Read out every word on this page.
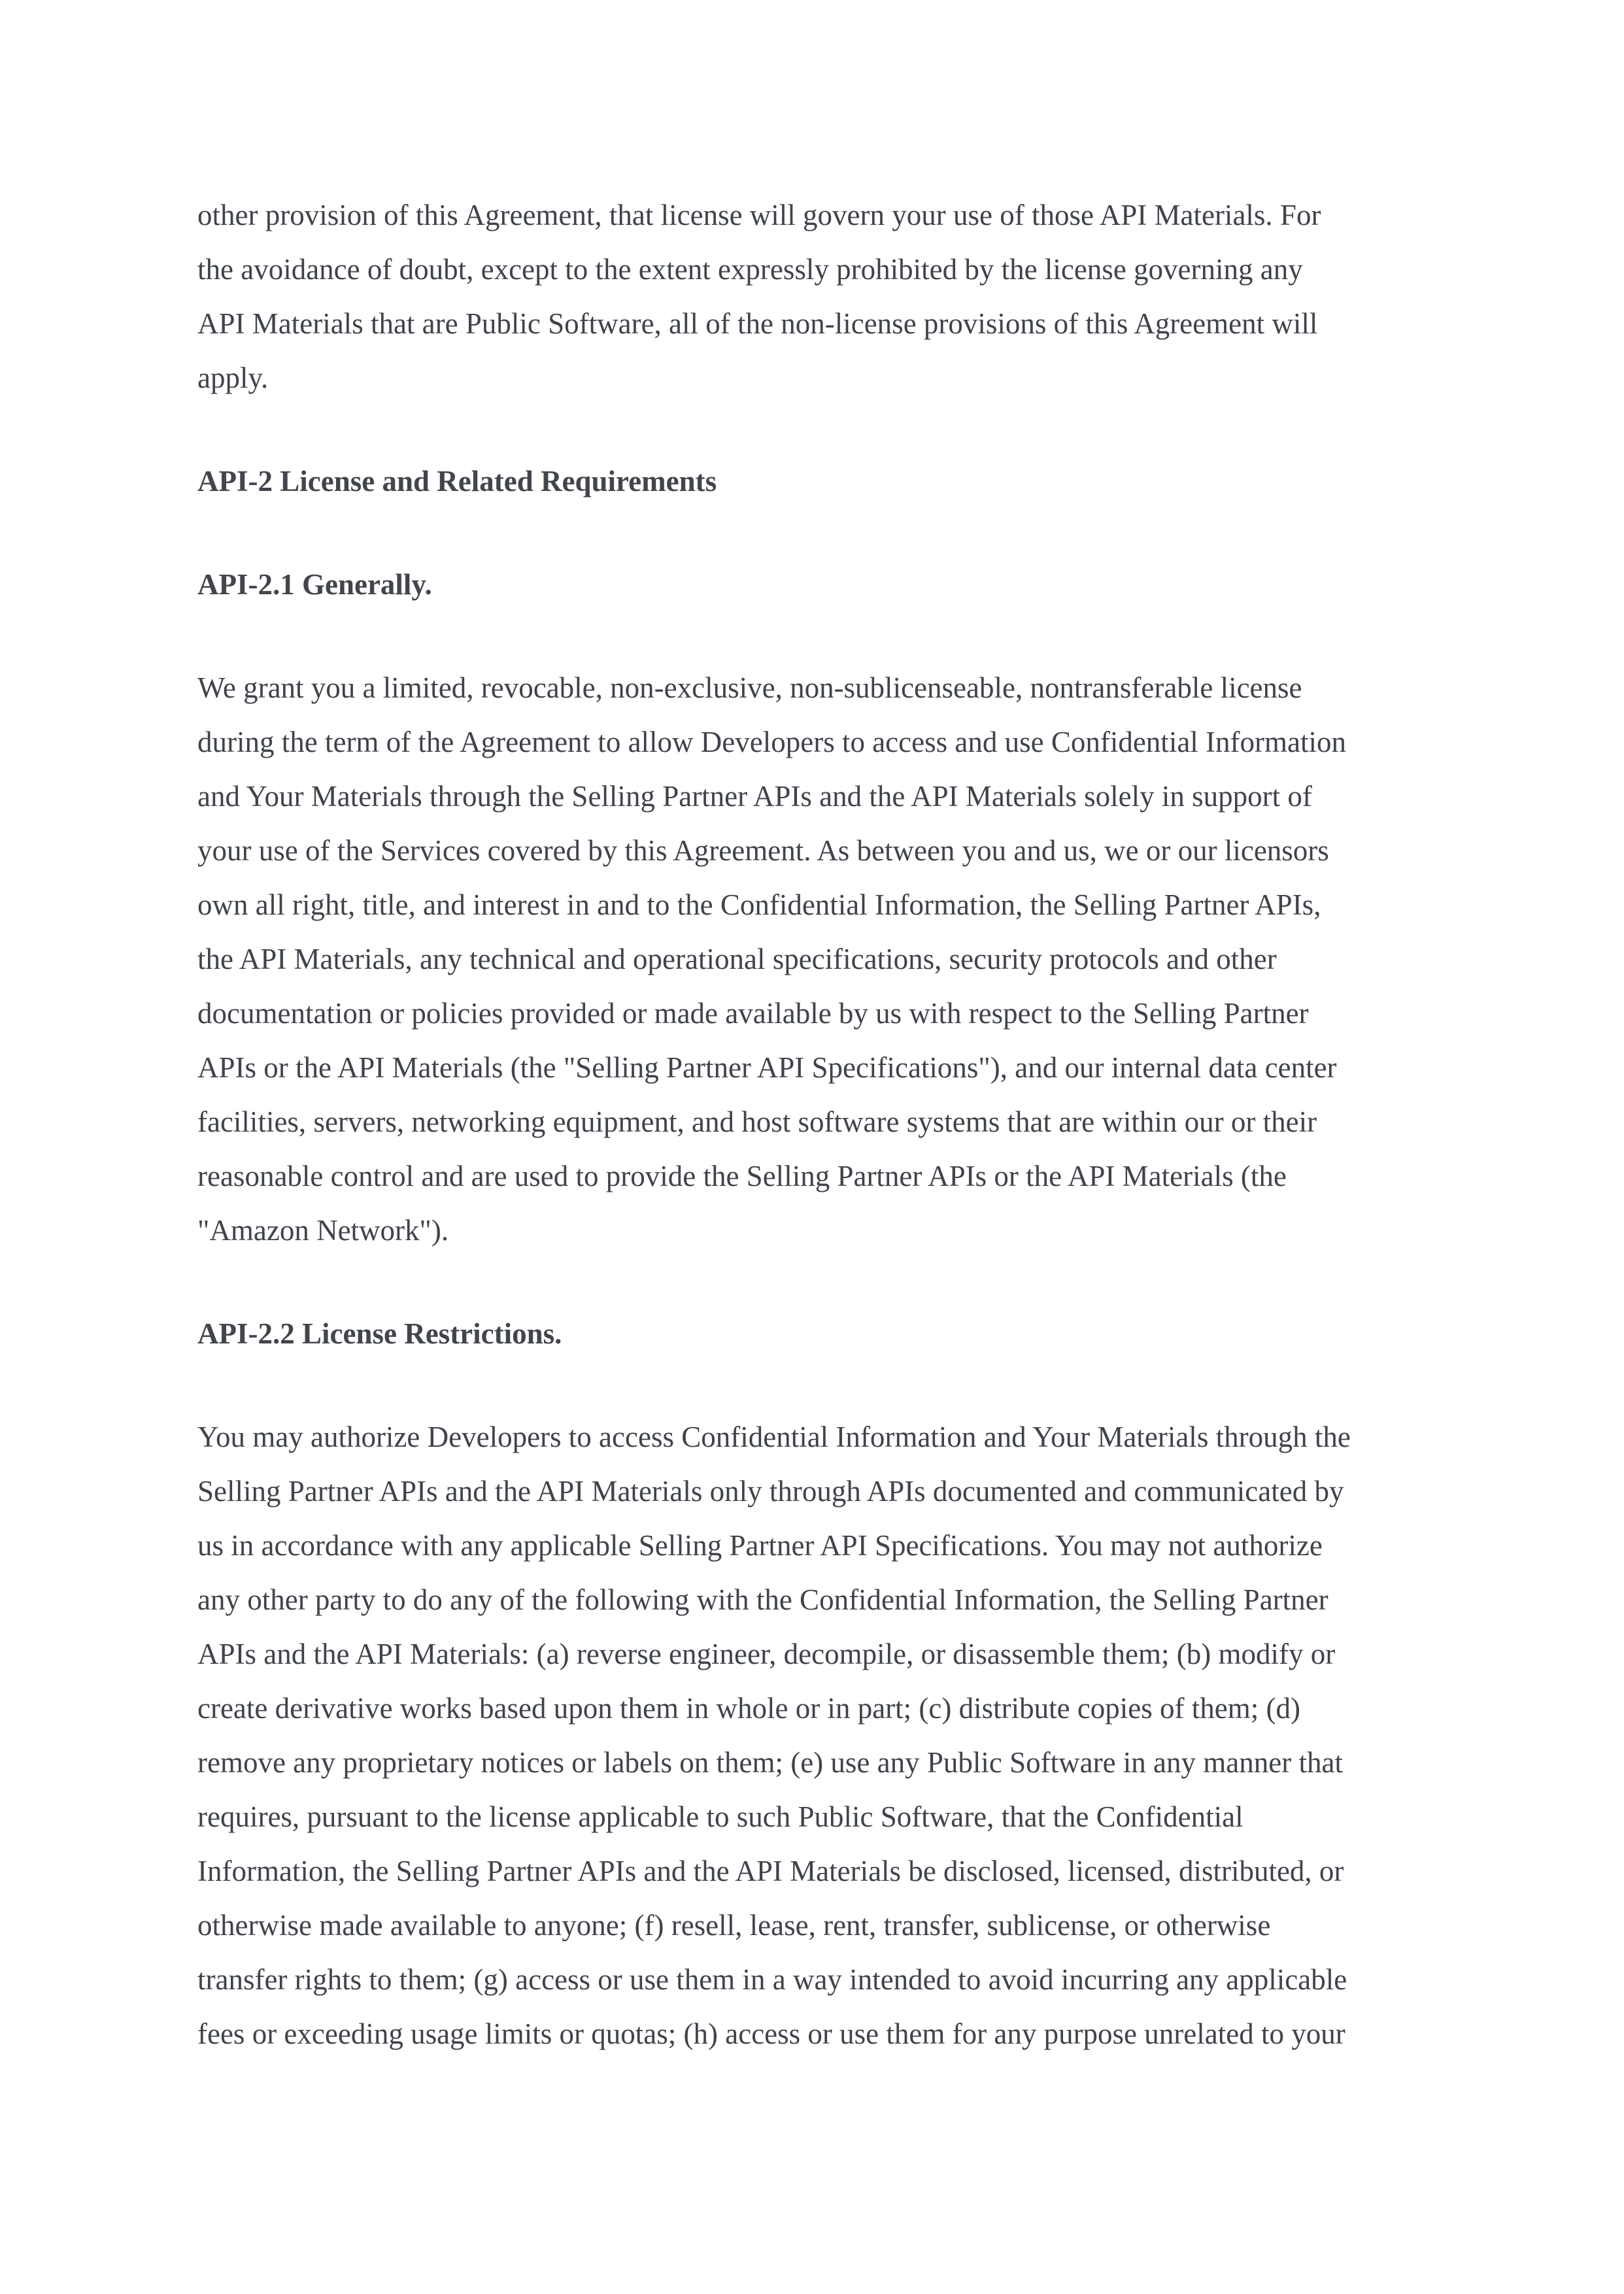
other provision of this Agreement, that license will govern your use of those API Materials. For
the avoidance of doubt, except to the extent expressly prohibited by the license governing any
API Materials that are Public Software, all of the non-license provisions of this Agreement will
apply.

API-2 License and Related Requirements

API-2.1 Generally.

We grant you a limited, revocable, non-exclusive, non-sublicenseable, nontransferable license
during the term of the Agreement to allow Developers to access and use Confidential Information
and Your Materials through the Selling Partner APIs and the API Materials solely in support of
your use of the Services covered by this Agreement. As between you and us, we or our licensors
own all right, title, and interest in and to the Confidential Information, the Selling Partner APIs,
the API Materials, any technical and operational specifications, security protocols and other
documentation or policies provided or made available by us with respect to the Selling Partner
APIs or the API Materials (the "Selling Partner API Specifications"), and our internal data center
facilities, servers, networking equipment, and host software systems that are within our or their
reasonable control and are used to provide the Selling Partner APIs or the API Materials (the
"Amazon Network").

API-2.2 License Restrictions.

You may authorize Developers to access Confidential Information and Your Materials through the
Selling Partner APIs and the API Materials only through APIs documented and communicated by
us in accordance with any applicable Selling Partner API Specifications. You may not authorize
any other party to do any of the following with the Confidential Information, the Selling Partner
APIs and the API Materials: (a) reverse engineer, decompile, or disassemble them; (b) modify or
create derivative works based upon them in whole or in part; (c) distribute copies of them; (d)
remove any proprietary notices or labels on them; (e) use any Public Software in any manner that
requires, pursuant to the license applicable to such Public Software, that the Confidential
Information, the Selling Partner APIs and the API Materials be disclosed, licensed, distributed, or
otherwise made available to anyone; (f) resell, lease, rent, transfer, sublicense, or otherwise
transfer rights to them; (g) access or use them in a way intended to avoid incurring any applicable
fees or exceeding usage limits or quotas; (h) access or use them for any purpose unrelated to your
